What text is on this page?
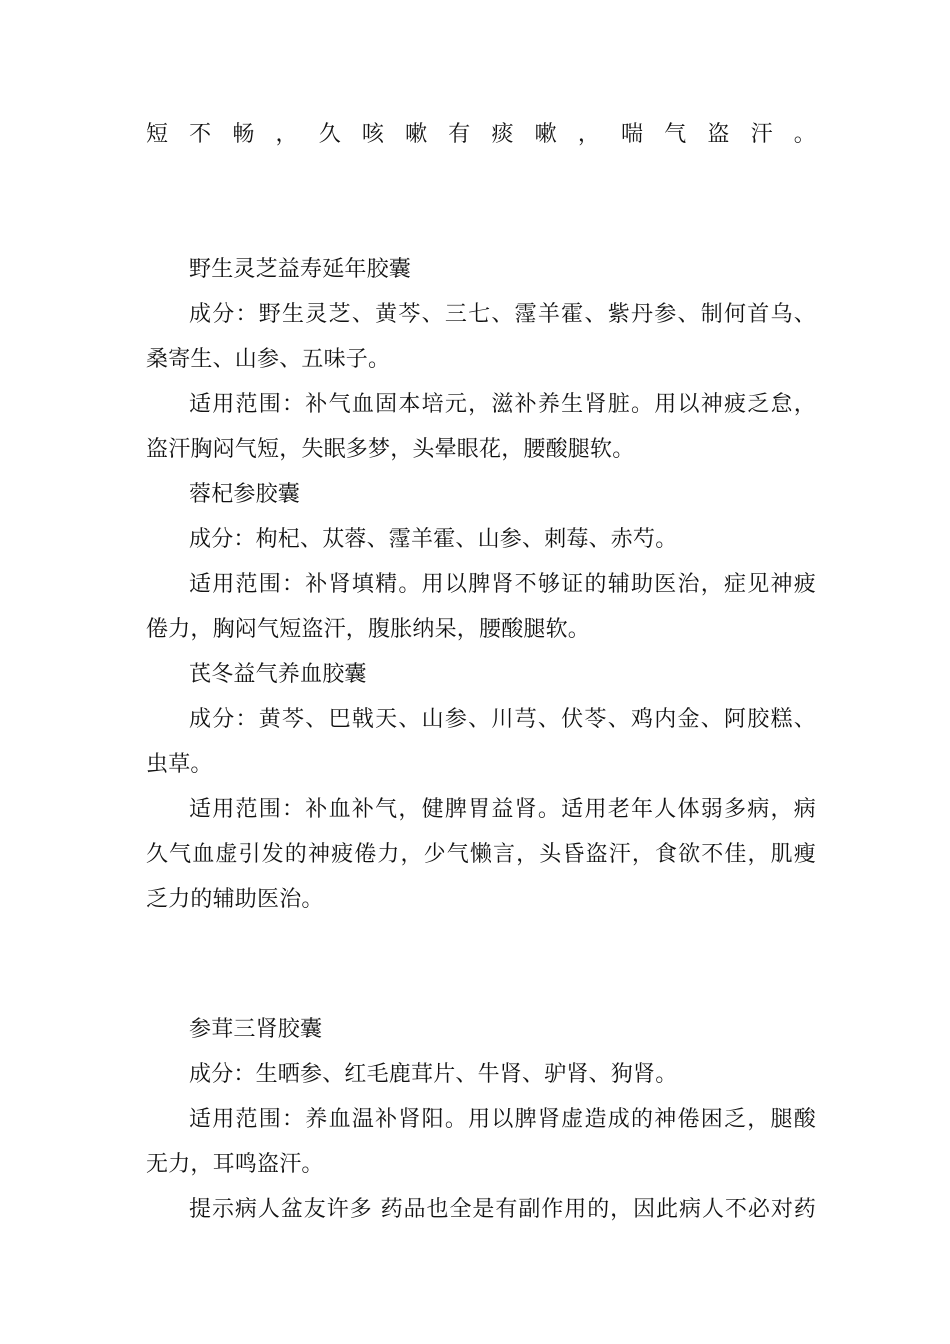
短不畅，久咳嗽有痰嗽，喘气盗汗。
野生灵芝益寿延年胶囊
成分：野生灵芝、黄芩、三七、霪羊霍、紫丹参、制何首乌、
桑寄生、山参、五味子。
适用范围：补气血固本培元，滋补养生肾脏。用以神疲乏怠，
盗汗胸闷气短，失眠多梦，头晕眼花，腰酸腿软。
蓉杞参胶囊
成分：枸杞、苁蓉、霪羊霍、山参、刺莓、赤芍。
适用范围：补肾填精。用以脾肾不够证的辅助医治，症见神疲
倦力，胸闷气短盗汗，腹胀纳呆，腰酸腿软。
芪冬益气养血胶囊
成分：黄芩、巴戟天、山参、川芎、伏苓、鸡内金、阿胶糕、
虫草。
适用范围：补血补气，健脾胃益肾。适用老年人体弱多病，病
久气血虚引发的神疲倦力，少气懒言，头昏盗汗，食欲不佳，肌瘦
乏力的辅助医治。
参茸三肾胶囊
成分：生晒参、红毛鹿茸片、牛肾、驴肾、狗肾。
适用范围：养血温补肾阳。用以脾肾虚造成的神倦困乏，腿酸
无力，耳鸣盗汗。
提示病人盆友许多 药品也全是有副作用的，因此病人不必对药
